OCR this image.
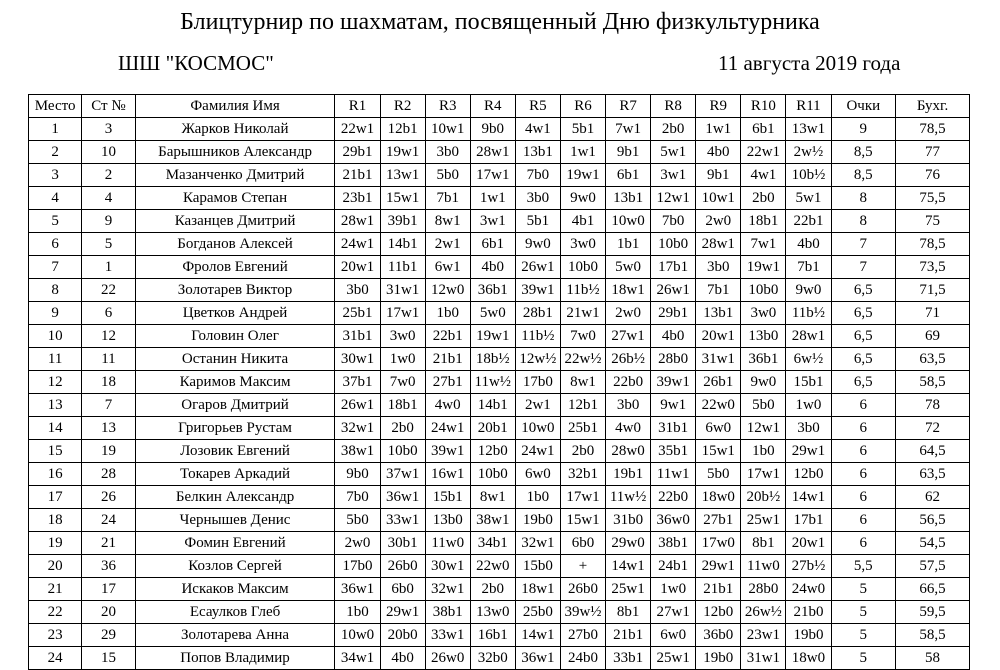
Блицтурнир по шахматам, посвященный Дню физкультурника
ШШ "КОСМОС"	11 августа 2019 года
Место	Ст №	Фамилия Имя	R1	R2	R3	R4	R5	R6	R7	R8	R9	R10	R11	Очки	Бухг.
1	3	Жарков Николай	22w1	12b1	10w1	9b0	4w1	5b1	7w1	2b0	1w1	6b1	13w1	9	78,5
2	10	Барышников Александр	29b1	19w1	3b0	28w1	13b1	1w1	9b1	5w1	4b0	22w1	2w½	8,5	77
3	2	Мазанченко Дмитрий	21b1	13w1	5b0	17w1	7b0	19w1	6b1	3w1	9b1	4w1	10b½	8,5	76
4	4	Карамов Степан	23b1	15w1	7b1	1w1	3b0	9w0	13b1	12w1	10w1	2b0	5w1	8	75,5
5	9	Казанцев Дмитрий	28w1	39b1	8w1	3w1	5b1	4b1	10w0	7b0	2w0	18b1	22b1	8	75
6	5	Богданов Алексей	24w1	14b1	2w1	6b1	9w0	3w0	1b1	10b0	28w1	7w1	4b0	7	78,5
7	1	Фролов Евгений	20w1	11b1	6w1	4b0	26w1	10b0	5w0	17b1	3b0	19w1	7b1	7	73,5
8	22	Золотарев Виктор	3b0	31w1	12w0	36b1	39w1	11b½	18w1	26w1	7b1	10b0	9w0	6,5	71,5
9	6	Цветков Андрей	25b1	17w1	1b0	5w0	28b1	21w1	2w0	29b1	13b1	3w0	11b½	6,5	71
10	12	Головин Олег	31b1	3w0	22b1	19w1	11b½	7w0	27w1	4b0	20w1	13b0	28w1	6,5	69
11	11	Останин Никита	30w1	1w0	21b1	18b½	12w½	22w½	26b½	28b0	31w1	36b1	6w½	6,5	63,5
12	18	Каримов Максим	37b1	7w0	27b1	11w½	17b0	8w1	22b0	39w1	26b1	9w0	15b1	6,5	58,5
13	7	Огаров Дмитрий	26w1	18b1	4w0	14b1	2w1	12b1	3b0	9w1	22w0	5b0	1w0	6	78
14	13	Григорьев Рустам	32w1	2b0	24w1	20b1	10w0	25b1	4w0	31b1	6w0	12w1	3b0	6	72
15	19	Лозовик Евгений	38w1	10b0	39w1	12b0	24w1	2b0	28w0	35b1	15w1	1b0	29w1	6	64,5
16	28	Токарев Аркадий	9b0	37w1	16w1	10b0	6w0	32b1	19b1	11w1	5b0	17w1	12b0	6	63,5
17	26	Белкин Александр	7b0	36w1	15b1	8w1	1b0	17w1	11w½	22b0	18w0	20b½	14w1	6	62
18	24	Чернышев Денис	5b0	33w1	13b0	38w1	19b0	15w1	31b0	36w0	27b1	25w1	17b1	6	56,5
19	21	Фомин Евгений	2w0	30b1	11w0	34b1	32w1	6b0	29w0	38b1	17w0	8b1	20w1	6	54,5
20	36	Козлов Сергей	17b0	26b0	30w1	22w0	15b0	+	14w1	24b1	29w1	11w0	27b½	5,5	57,5
21	17	Искаков Максим	36w1	6b0	32w1	2b0	18w1	26b0	25w1	1w0	21b1	28b0	24w0	5	66,5
22	20	Есаулков Глеб	1b0	29w1	38b1	13w0	25b0	39w½	8b1	27w1	12b0	26w½	21b0	5	59,5
23	29	Золотарева Анна	10w0	20b0	33w1	16b1	14w1	27b0	21b1	6w0	36b0	23w1	19b0	5	58,5
24	15	Попов Владимир	34w1	4b0	26w0	32b0	36w1	24b0	33b1	25w1	19b0	31w1	18w0	5	58
